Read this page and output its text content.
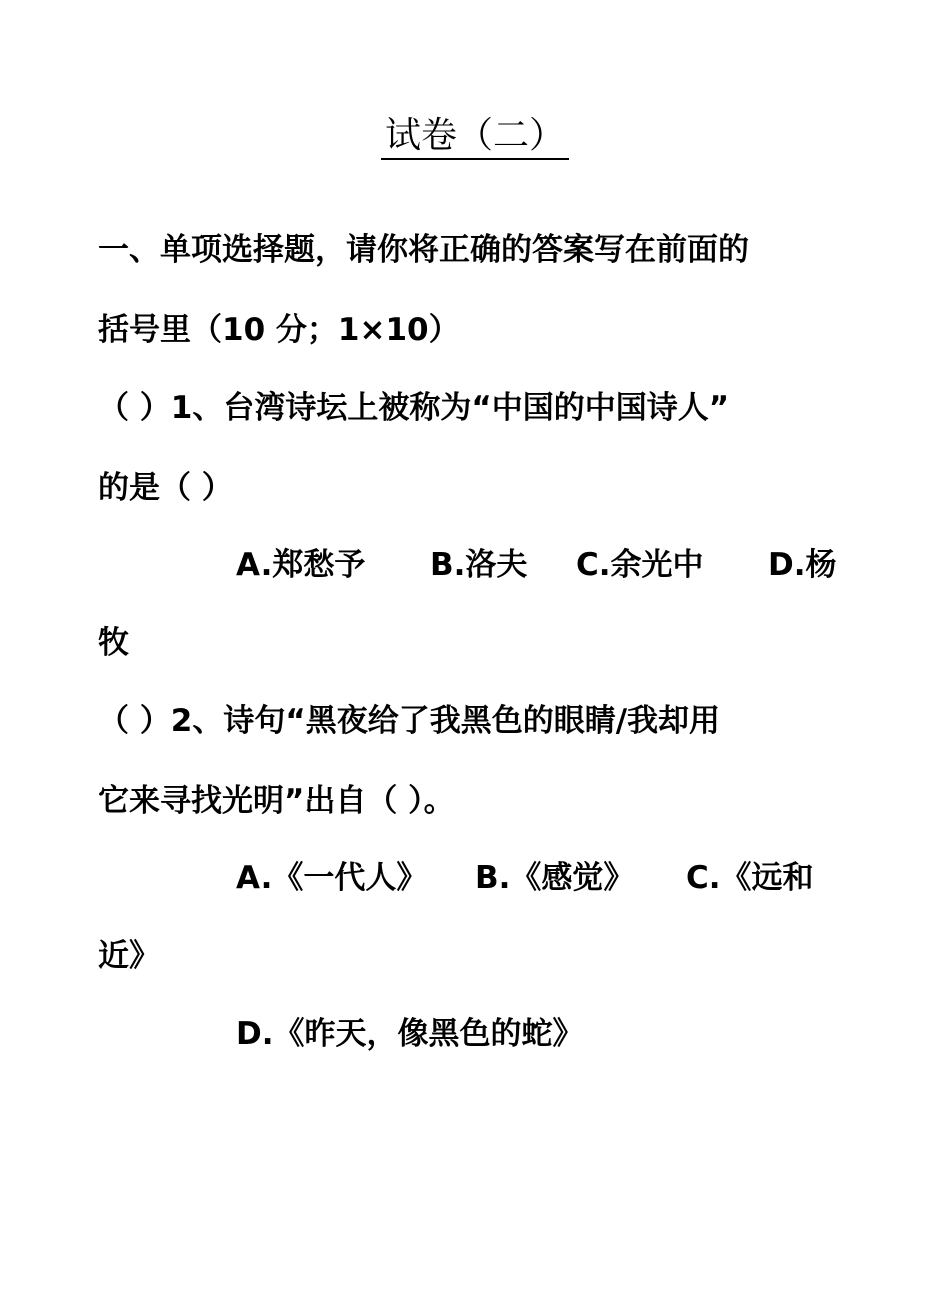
试卷（二）
一、单项选择题，请你将正确的答案写在前面的
括号里（10 分；1×10）
（ ）1、台湾诗坛上被称为“中国的中国诗人”
的是（ ）
A.郑愁予 B.洛夫 C.余光中 D.杨
牧
（ ）2、诗句“黑夜给了我黑色的眼睛/我却用
它来寻找光明”出自（ ）。
A.《一代人》 B.《感觉》 C.《远和
近》
D.《昨天，像黑色的蛇》
